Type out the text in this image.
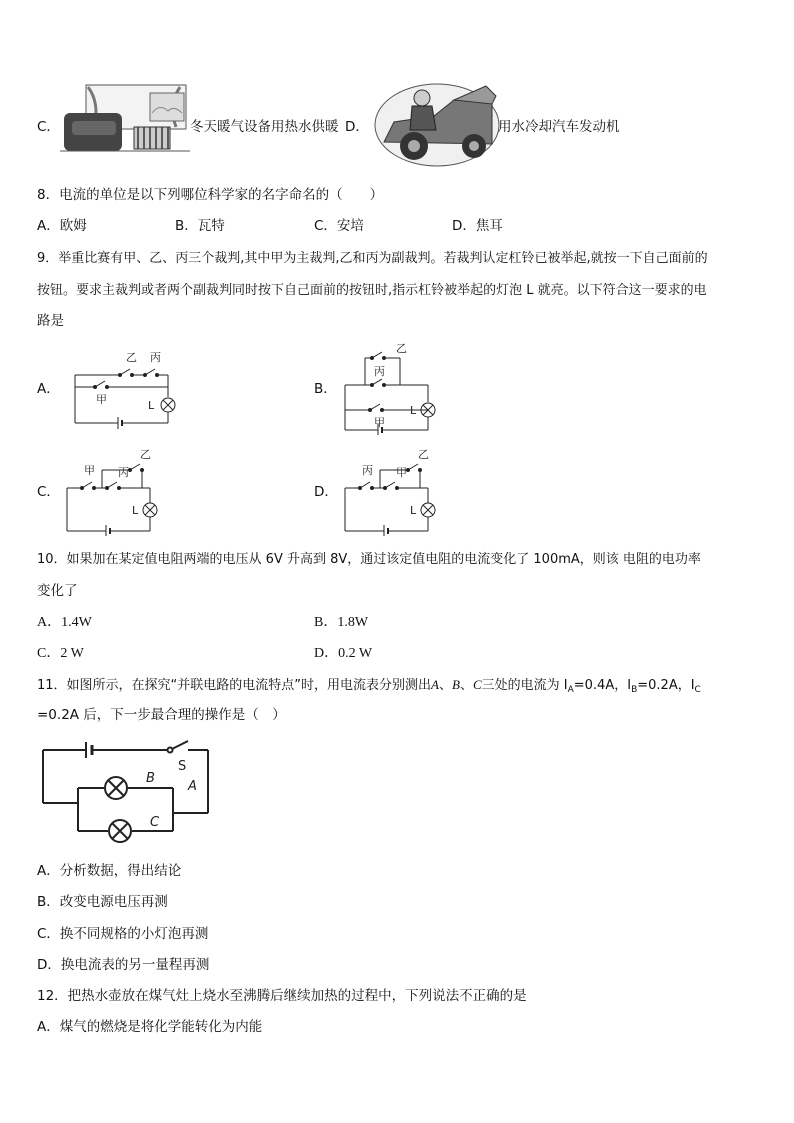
C．	冬天暖气设备用热水供暖 D．	用水冷却汽车发动机
8．电流的单位是以下列哪位科学家的名字命名的（　　）
A．欧姆	B．瓦特	C．安培	D．焦耳
9．举重比赛有甲、乙、丙三个裁判,其中甲为主裁判,乙和丙为副裁判。若裁判认定杠铃已被举起,就按一下自己面前的
按钮。要求主裁判或者两个副裁判同时按下自己面前的按钮时,指示杠铃被举起的灯泡 L 就亮。以下符合这一要求的电
路是
A．
乙 丙
甲	L
B．
乙
丙
甲
L
C．
甲 丙
乙
L
D．
丙 甲
乙
L
10．如果加在某定值电阻两端的电压从 6V 升高到 8V，通过该定值电阻的电流变化了 100mA，则该 电阻的电功率
变化了
A．1.4W	B．1.8W
C．2 W	D．0.2 W
11．如图所示，在探究“并联电路的电流特点”时，用电流表分别测出A、B、C三处的电流为 $I_A=0.4A$，$I_B=0.2A$，$I_C$
=0.2A 后，下一步最合理的操作是（　）
S
B
A
C
A．分析数据，得出结论
B．改变电源电压再测
C．换不同规格的小灯泡再测
D．换电流表的另一量程再测
12．把热水壶放在煤气灶上烧水至沸腾后继续加热的过程中，下列说法不正确的是
A．煤气的燃烧是将化学能转化为内能
